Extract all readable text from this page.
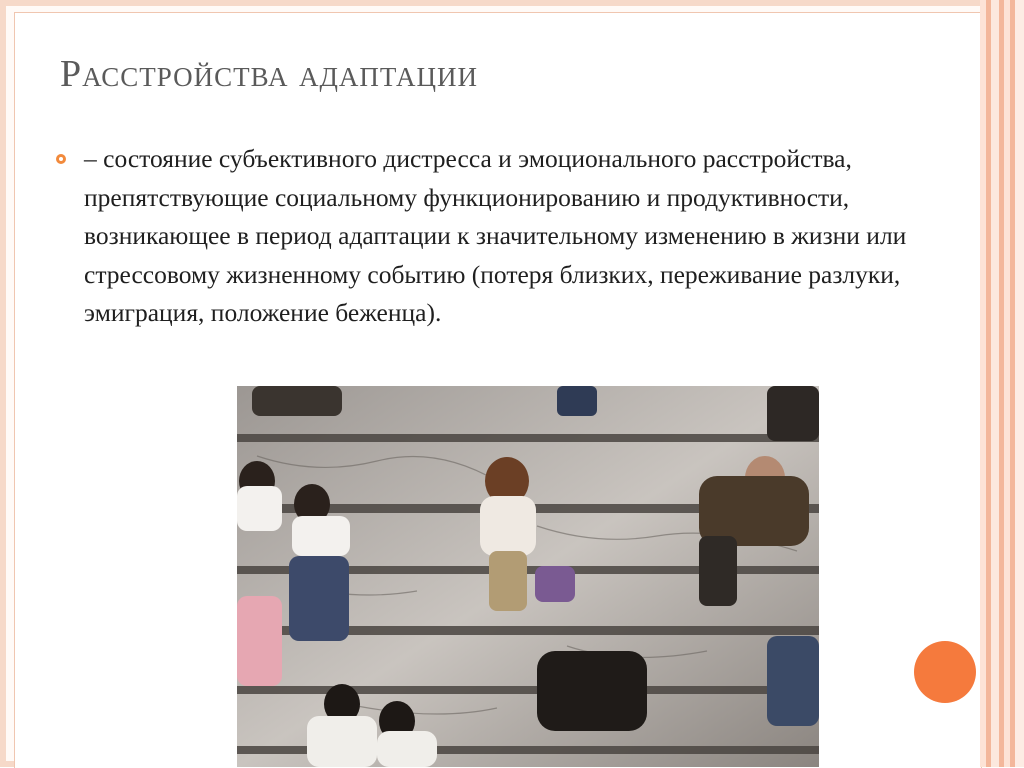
Расстройства адаптации
– состояние субъективного дистресса и эмоционального расстройства, препятствующие социальному функционированию и продуктивности, возникающее в период адаптации к значительному изменению в жизни или стрессовому жизненному событию (потеря близких, переживание разлуки, эмиграция, положение беженца).
